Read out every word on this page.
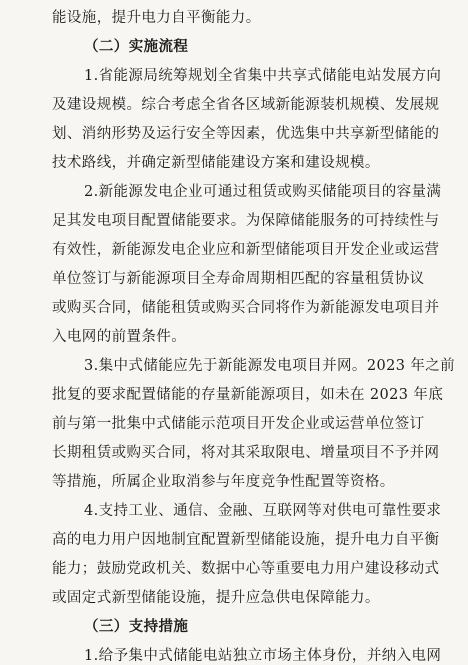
能设施，提升电力自平衡能力。
（二）实施流程
1.省能源局统筹规划全省集中共享式储能电站发展方向
及建设规模。综合考虑全省各区域新能源装机规模、发展规
划、消纳形势及运行安全等因素，优选集中共享新型储能的
技术路线，并确定新型储能建设方案和建设规模。
2.新能源发电企业可通过租赁或购买储能项目的容量满
足其发电项目配置储能要求。为保障储能服务的可持续性与
有效性，新能源发电企业应和新型储能项目开发企业或运营
单位签订与新能源项目全寿命周期相匹配的容量租赁协议
或购买合同，储能租赁或购买合同将作为新能源发电项目并
入电网的前置条件。
3.集中式储能应先于新能源发电项目并网。2023 年之前
批复的要求配置储能的存量新能源项目，如未在 2023 年底
前与第一批集中式储能示范项目开发企业或运营单位签订
长期租赁或购买合同，将对其采取限电、增量项目不予并网
等措施，所属企业取消参与年度竞争性配置等资格。
4.支持工业、通信、金融、互联网等对供电可靠性要求
高的电力用户因地制宜配置新型储能设施，提升电力自平衡
能力；鼓励党政机关、数据中心等重要电力用户建设移动式
或固定式新型储能设施，提升应急供电保障能力。
（三）支持措施
1.给予集中式储能电站独立市场主体身份，并纳入电网
